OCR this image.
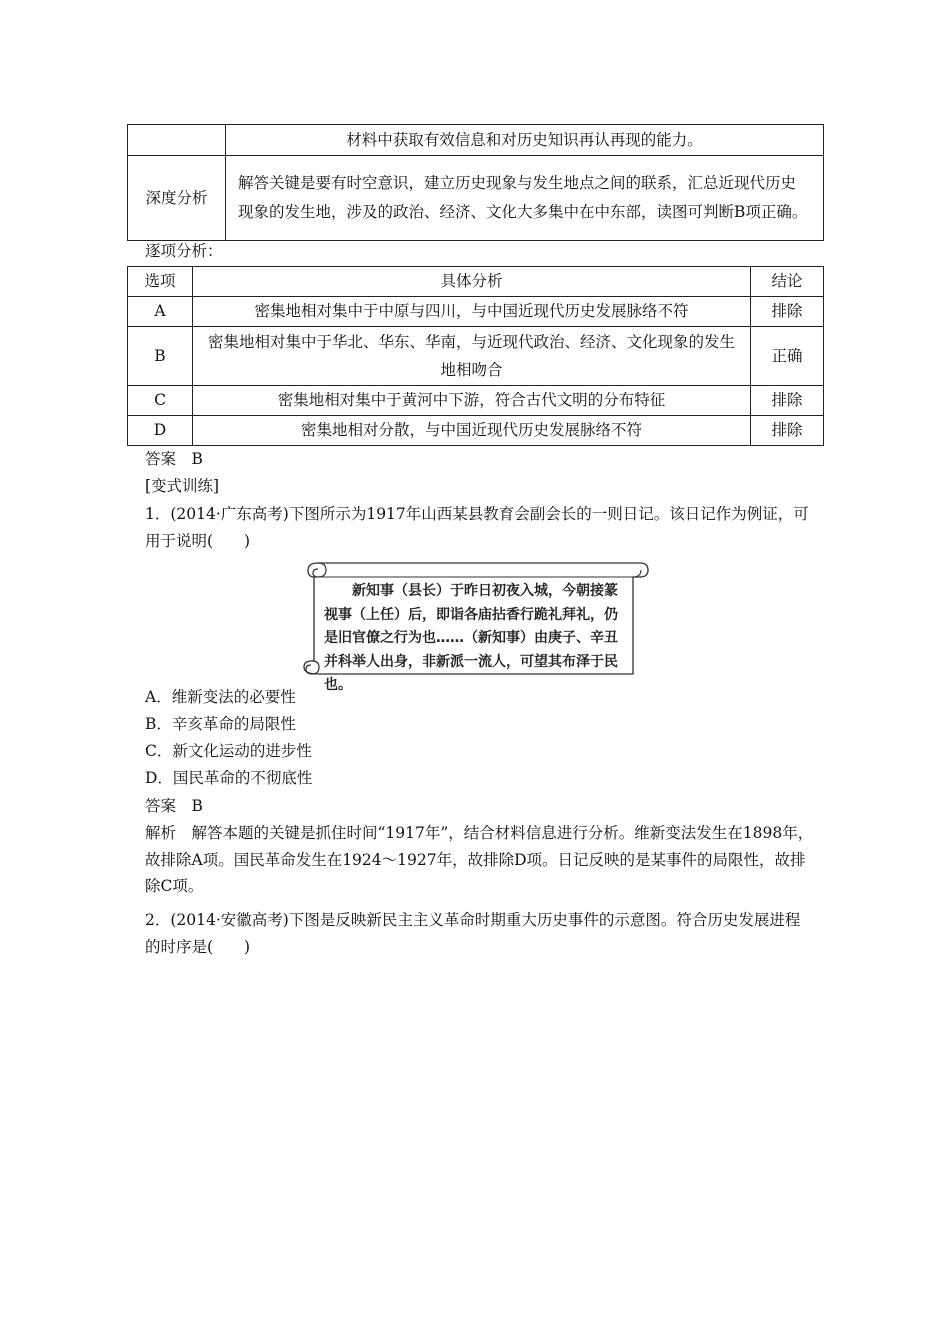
	材料中获取有效信息和对历史知识再认再现的能力。
深度分析	解答关键是要有时空意识，建立历史现象与发生地点之间的联系，汇总近现代历史现象的发生地，涉及的政治、经济、文化大多集中在中东部，读图可判断B项正确。
逐项分析：
选项	具体分析	结论
A	密集地相对集中于中原与四川，与中国近现代历史发展脉络不符	排除
B	密集地相对集中于华北、华东、华南，与近现代政治、经济、文化现象的发生地相吻合	正确
C	密集地相对集中于黄河中下游，符合古代文明的分布特征	排除
D	密集地相对分散，与中国近现代历史发展脉络不符	排除
答案　B
[变式训练]
1．(2014·广东高考)下图所示为1917年山西某县教育会副会长的一则日记。该日记作为例证，可用于说明(　　)
新知事（县长）于昨日初夜入城，今朝接篆视事（上任）后，即诣各庙拈香行跪礼拜礼，仍是旧官僚之行为也……（新知事）由庚子、辛丑并科举人出身，非新派一流人，可望其布泽于民也。
A．维新变法的必要性
B．辛亥革命的局限性
C．新文化运动的进步性
D．国民革命的不彻底性
答案　B
解析　解答本题的关键是抓住时间“1917年”，结合材料信息进行分析。维新变法发生在1898年，故排除A项。国民革命发生在1924～1927年，故排除D项。日记反映的是某事件的局限性，故排除C项。
2．(2014·安徽高考)下图是反映新民主主义革命时期重大历史事件的示意图。符合历史发展进程的时序是(　　)
